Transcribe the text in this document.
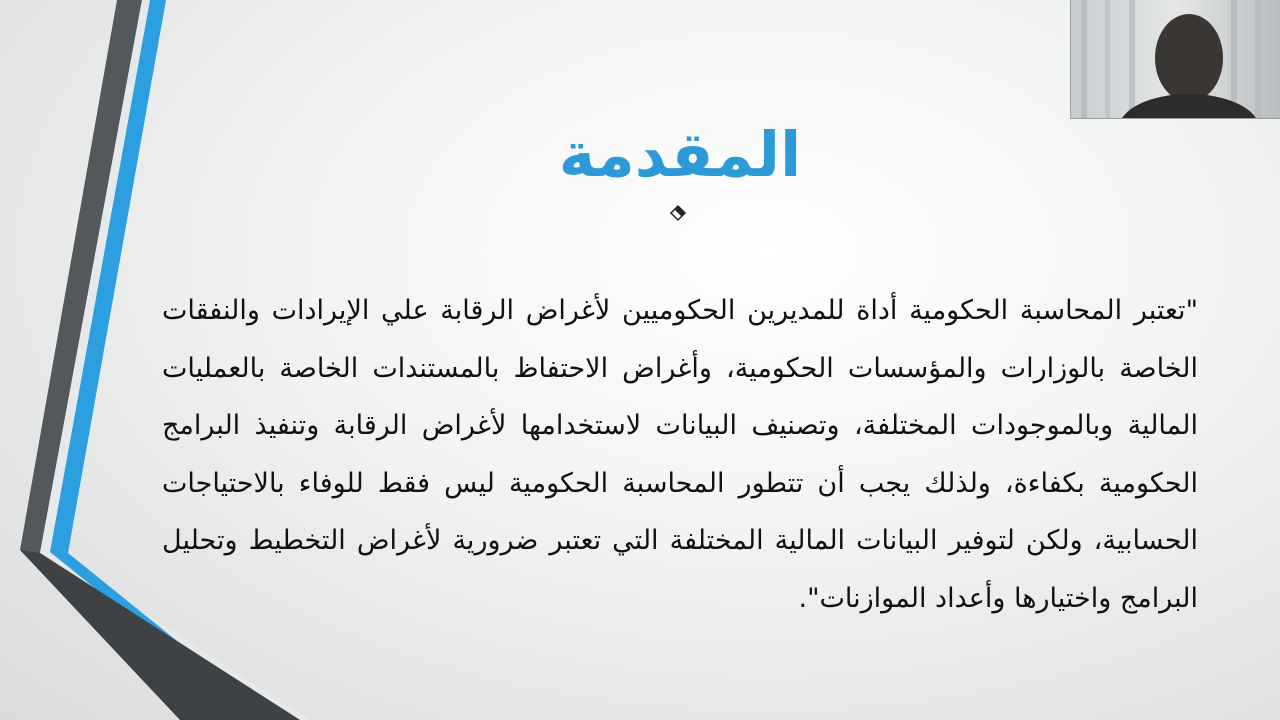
المقدمة

"تعتبر المحاسبة الحكومية أداة للمديرين الحكوميين لأغراض الرقابة علي الإيرادات والنفقات الخاصة بالوزارات والمؤسسات الحكومية، وأغراض الاحتفاظ بالمستندات الخاصة بالعمليات المالية وبالموجودات المختلفة، وتصنيف البيانات لاستخدامها لأغراض الرقابة وتنفيذ البرامج الحكومية بكفاءة، ولذلك يجب أن تتطور المحاسبة الحكومية ليس فقط للوفاء بالاحتياجات الحسابية، ولكن لتوفير البيانات المالية المختلفة التي تعتبر ضرورية لأغراض التخطيط وتحليل البرامج واختيارها وأعداد الموازنات".
